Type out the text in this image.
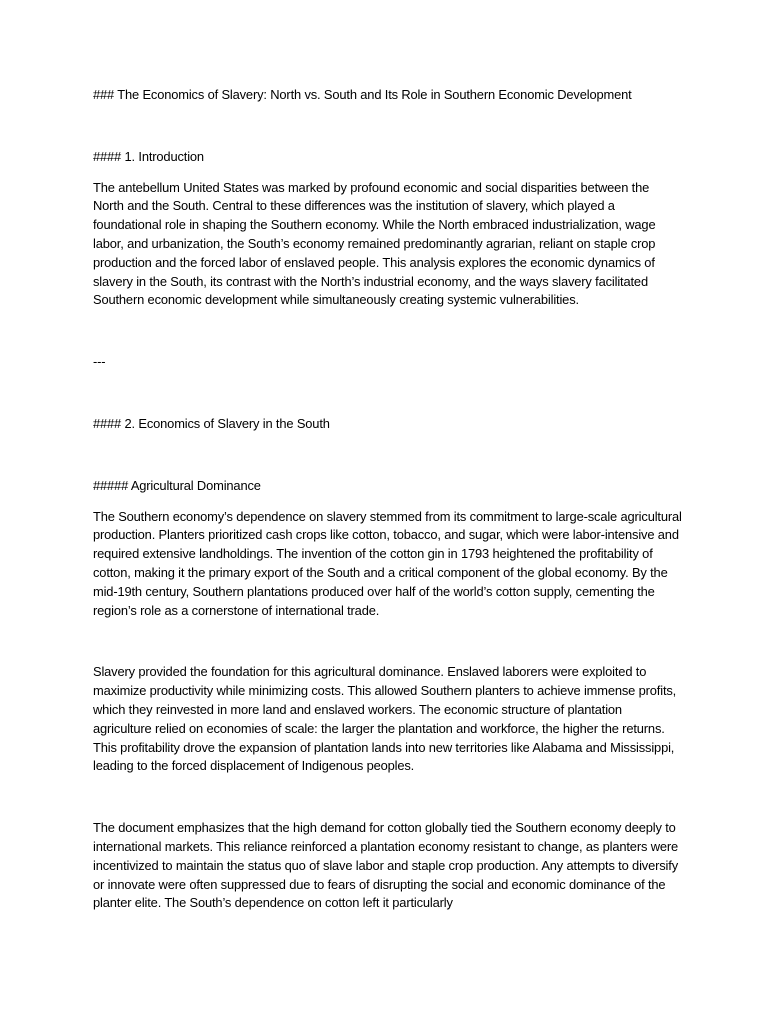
### The Economics of Slavery: North vs. South and Its Role in Southern Economic Development

#### 1. Introduction

The antebellum United States was marked by profound economic and social disparities between the North and the South. Central to these differences was the institution of slavery, which played a foundational role in shaping the Southern economy. While the North embraced industrialization, wage labor, and urbanization, the South’s economy remained predominantly agrarian, reliant on staple crop production and the forced labor of enslaved people. This analysis explores the economic dynamics of slavery in the South, its contrast with the North’s industrial economy, and the ways slavery facilitated Southern economic development while simultaneously creating systemic vulnerabilities.

---

#### 2. Economics of Slavery in the South

##### Agricultural Dominance

The Southern economy’s dependence on slavery stemmed from its commitment to large-scale agricultural production. Planters prioritized cash crops like cotton, tobacco, and sugar, which were labor-intensive and required extensive landholdings. The invention of the cotton gin in 1793 heightened the profitability of cotton, making it the primary export of the South and a critical component of the global economy. By the mid-19th century, Southern plantations produced over half of the world’s cotton supply, cementing the region’s role as a cornerstone of international trade.

Slavery provided the foundation for this agricultural dominance. Enslaved laborers were exploited to maximize productivity while minimizing costs. This allowed Southern planters to achieve immense profits, which they reinvested in more land and enslaved workers. The economic structure of plantation agriculture relied on economies of scale: the larger the plantation and workforce, the higher the returns. This profitability drove the expansion of plantation lands into new territories like Alabama and Mississippi, leading to the forced displacement of Indigenous peoples.

The document emphasizes that the high demand for cotton globally tied the Southern economy deeply to international markets. This reliance reinforced a plantation economy resistant to change, as planters were incentivized to maintain the status quo of slave labor and staple crop production. Any attempts to diversify or innovate were often suppressed due to fears of disrupting the social and economic dominance of the planter elite. The South’s dependence on cotton left it particularly
